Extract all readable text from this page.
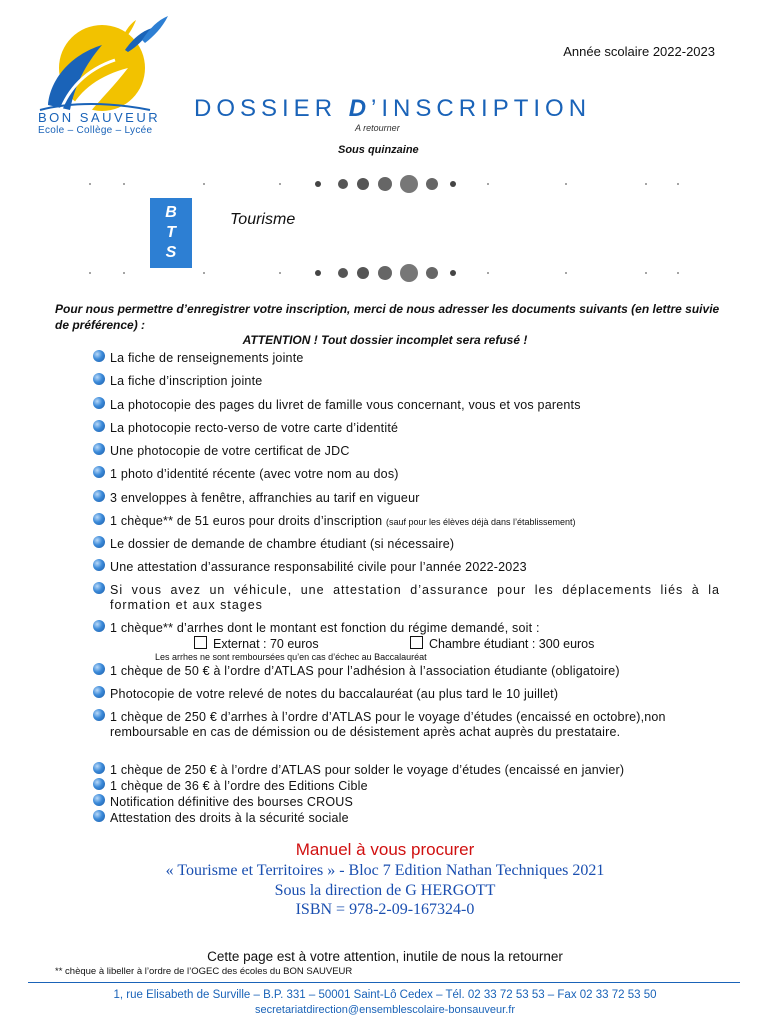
BON SAUVEUR
Ecole – Collège – Lycée
Année scolaire 2022-2023
DOSSIER D’INSCRIPTION
A retourner
Sous quinzaine
B
T
S
Tourisme
Pour nous permettre d’enregistrer votre inscription, merci de nous adresser les documents suivants (en lettre suivie de préférence) :
ATTENTION ! Tout dossier incomplet sera refusé !
La fiche de renseignements jointe
La fiche d’inscription jointe
La photocopie des pages du livret de famille vous concernant, vous et vos parents
La photocopie recto-verso de votre carte d’identité
Une photocopie de votre certificat de JDC
1 photo d’identité récente (avec votre nom au dos)
3 enveloppes à fenêtre, affranchies au tarif en vigueur
1 chèque** de 51 euros pour droits d’inscription (sauf pour les élèves déjà dans l’établissement)
Le dossier de demande de chambre étudiant (si nécessaire)
Une attestation d’assurance responsabilité civile pour l’année 2022-2023
Si vous avez un véhicule, une attestation d’assurance pour les déplacements liés à la formation et aux stages
1 chèque** d’arrhes dont le montant est fonction du régime demandé, soit :
Externat : 70 euros	Chambre étudiant : 300 euros
Les arrhes ne sont remboursées qu’en cas d’échec au Baccalauréat
1 chèque de 50 € à l’ordre d’ATLAS pour l’adhésion à l’association étudiante (obligatoire)
Photocopie de votre relevé de notes du baccalauréat (au plus tard le 10 juillet)
1 chèque de 250 € d’arrhes à l’ordre d’ATLAS pour le voyage d’études (encaissé en octobre),non remboursable en cas de démission ou de désistement après achat auprès du prestataire.
1 chèque de 250 € à l’ordre d’ATLAS pour solder le voyage d’études (encaissé en janvier)
1 chèque de 36 € à l’ordre des Editions Cible
Notification définitive des bourses CROUS
Attestation des droits à la sécurité sociale
Manuel à vous procurer
« Tourisme et Territoires » - Bloc 7 Edition Nathan Techniques 2021
Sous la direction de G HERGOTT
ISBN = 978-2-09-167324-0
Cette page est à votre attention, inutile de nous la retourner
** chèque à libeller à l’ordre de l’OGEC des écoles du BON SAUVEUR
1, rue Elisabeth de Surville – B.P. 331 – 50001 Saint-Lô Cedex – Tél. 02 33 72 53 53 – Fax 02 33 72 53 50
secretariatdirection@ensemblescolaire-bonsauveur.fr
